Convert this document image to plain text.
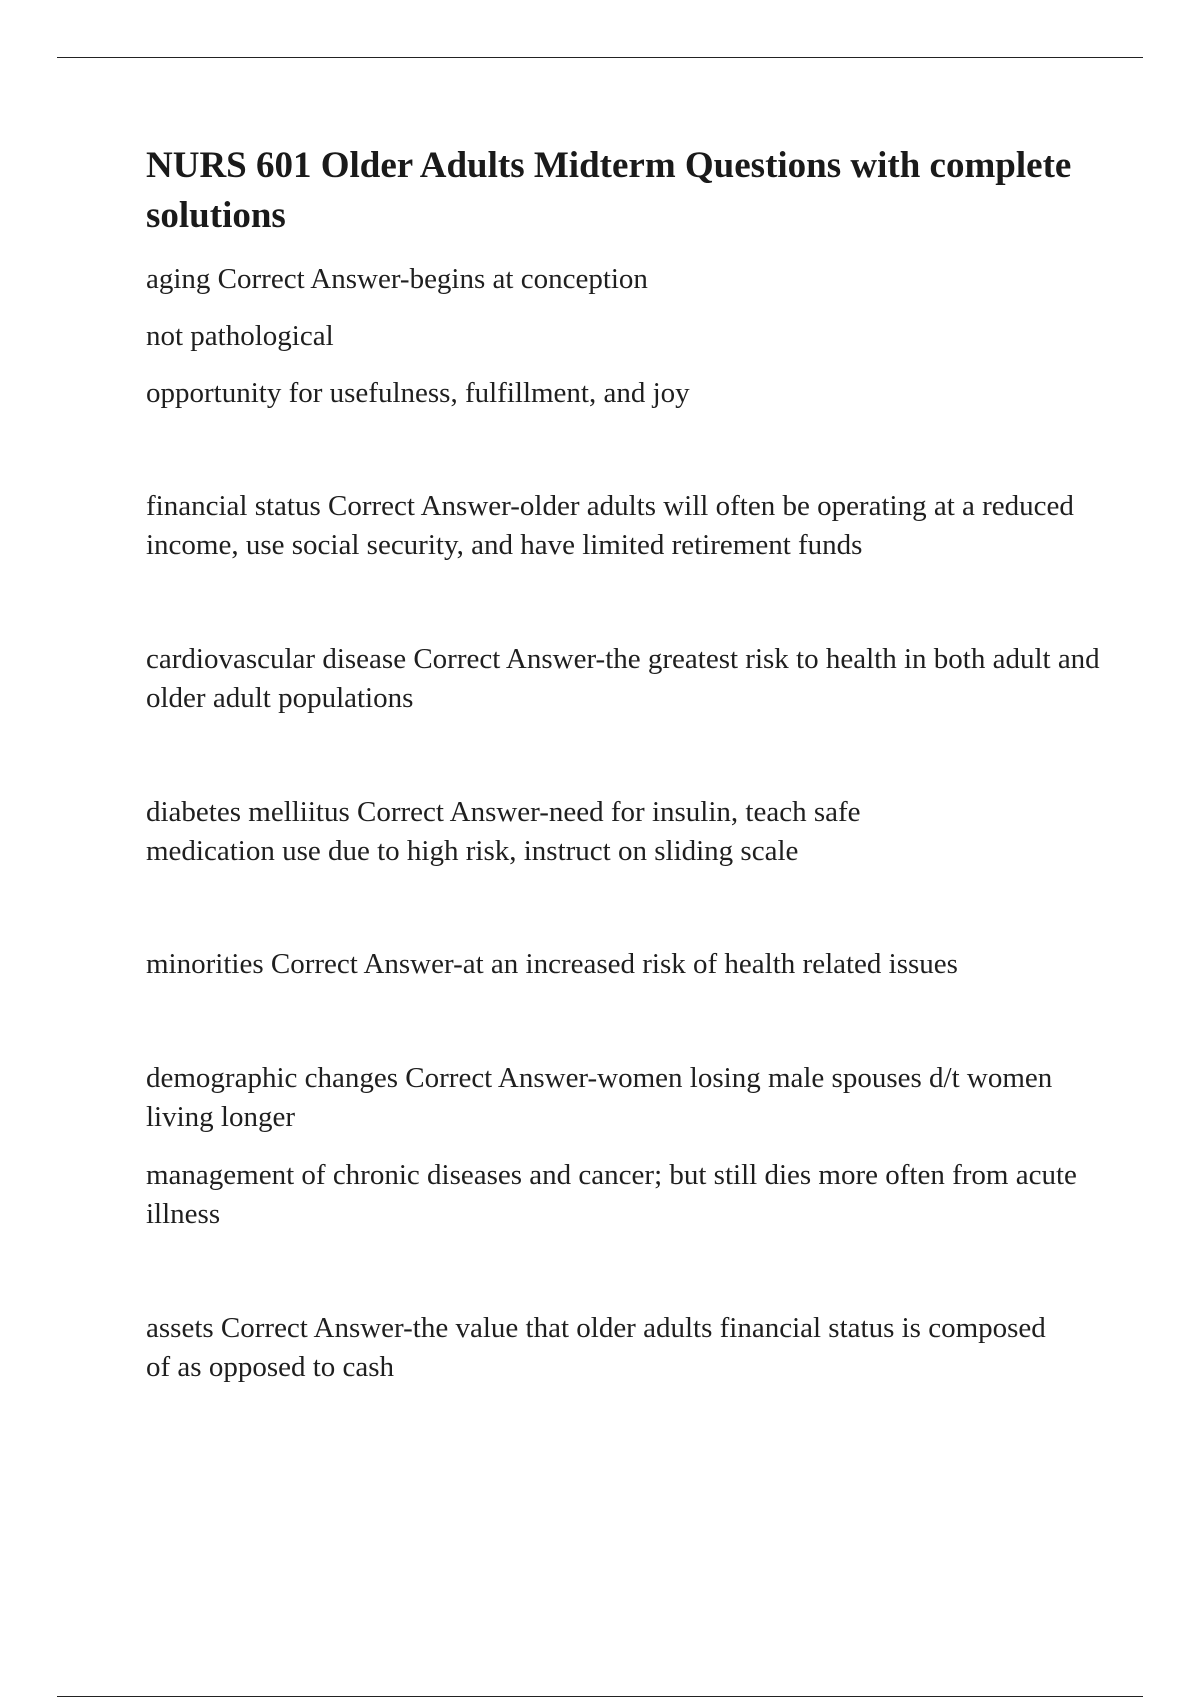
NURS 601 Older Adults Midterm Questions with complete solutions

aging Correct Answer-begins at conception

not pathological

opportunity for usefulness, fulfillment, and joy

financial status Correct Answer-older adults will often be operating at a reduced income, use social security, and have limited retirement funds

cardiovascular disease Correct Answer-the greatest risk to health in both adult and older adult populations

diabetes melliitus Correct Answer-need for insulin, teach safe medication use due to high risk, instruct on sliding scale

minorities Correct Answer-at an increased risk of health related issues

demographic changes Correct Answer-women losing male spouses d/t women living longer

management of chronic diseases and cancer; but still dies more often from acute illness

assets Correct Answer-the value that older adults financial status is composed of as opposed to cash
